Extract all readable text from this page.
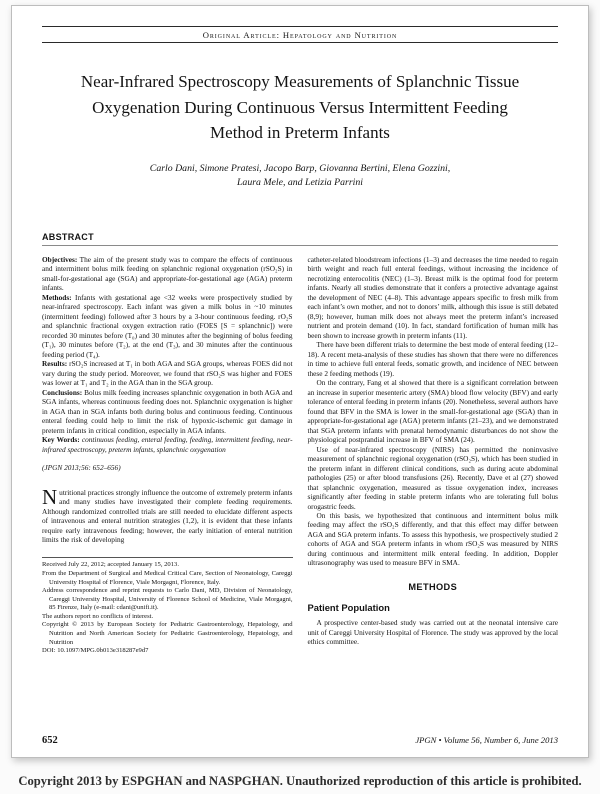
Original Article: Hepatology and Nutrition
Near-Infrared Spectroscopy Measurements of Splanchnic Tissue Oxygenation During Continuous Versus Intermittent Feeding Method in Preterm Infants
Carlo Dani, Simone Pratesi, Jacopo Barp, Giovanna Bertini, Elena Gozzini,
Laura Mele, and Letizia Parrini
ABSTRACT

Objectives: The aim of the present study was to compare the effects of continuous and intermittent bolus milk feeding on splanchnic regional oxygenation (rSO₂S) in small-for-gestational age (SGA) and appropriate-for-gestational age (AGA) preterm infants.

Methods: Infants with gestational age <32 weeks were prospectively studied by near-infrared spectroscopy. Each infant was given a milk bolus in ~10 minutes (intermittent feeding) followed after 3 hours by a 3-hour continuous feeding. rO₂S and splanchnic fractional oxygen extraction ratio (FOES [S = splanchnic]) were recorded 30 minutes before (T₀) and 30 minutes after the beginning of bolus feeding (T₁), 30 minutes before (T₂), at the end (T₃), and 30 minutes after the continuous feeding period (T₄).

Results: rSO₂S increased at T₁ in both AGA and SGA groups, whereas FOES did not vary during the study period. Moreover, we found that rSO₂S was higher and FOES was lower at T₁ and T₂ in the AGA than in the SGA group.

Conclusions: Bolus milk feeding increases splanchnic oxygenation in both AGA and SGA infants, whereas continuous feeding does not. Splanchnic oxygenation is higher in AGA than in SGA infants both during bolus and continuous feeding. Continuous enteral feeding could help to limit the risk of hypoxic-ischemic gut damage in preterm infants in critical condition, especially in AGA infants.

Key Words: continuous feeding, enteral feeding, feeding, intermittent feeding, near-infrared spectroscopy, preterm infants, splanchnic oxygenation

(JPGN 2013;56: 652–656)

Nutritional practices strongly influence the outcome of extremely preterm infants and many studies have investigated their complete feeding requirements. Although randomized controlled trials are still needed to elucidate different aspects of intravenous and enteral nutrition strategies (1,2), it is evident that these infants require early intravenous feeding; however, the early initiation of enteral nutrition limits the risk of developing

Received July 22, 2012; accepted January 15, 2013.

From the Department of Surgical and Medical Critical Care, Section of Neonatology, Careggi University Hospital of Florence, Viale Morgagni, Florence, Italy.

Address correspondence and reprint requests to Carlo Dani, MD, Division of Neonatology, Careggi University Hospital, University of Florence School of Medicine, Viale Morgagni, 85 Firenze, Italy (e-mail: cdani@unifi.it).

The authors report no conflicts of interest.

Copyright © 2013 by European Society for Pediatric Gastroenterology, Hepatology, and Nutrition and North American Society for Pediatric Gastroenterology, Hepatology, and Nutrition

DOI: 10.1097/MPG.0b013e318287e9d7

catheter-related bloodstream infections (1–3) and decreases the time needed to regain birth weight and reach full enteral feedings, without increasing the incidence of necrotizing enterocolitis (NEC) (1–3). Breast milk is the optimal food for preterm infants. Nearly all studies demonstrate that it confers a protective advantage against the development of NEC (4–8). This advantage appears specific to fresh milk from each infant’s own mother, and not to donors’ milk, although this issue is still debated (8,9); however, human milk does not always meet the preterm infant’s increased nutrient and protein demand (10). In fact, standard fortification of human milk has been shown to increase growth in preterm infants (11).

There have been different trials to determine the best mode of enteral feeding (12–18). A recent meta-analysis of these studies has shown that there were no differences in time to achieve full enteral feeds, somatic growth, and incidence of NEC between these 2 feeding methods (19).

On the contrary, Fang et al showed that there is a significant correlation between an increase in superior mesenteric artery (SMA) blood flow velocity (BFV) and early tolerance of enteral feeding in preterm infants (20). Nonetheless, several authors have found that BFV in the SMA is lower in the small-for-gestational age (SGA) than in appropriate-for-gestational age (AGA) preterm infants (21–23), and we demonstrated that SGA preterm infants with prenatal hemodynamic disturbances do not show the physiological postprandial increase in BFV of SMA (24).

Use of near-infrared spectroscopy (NIRS) has permitted the noninvasive measurement of splanchnic regional oxygenation (rSO₂S), which has been studied in the preterm infant in different clinical conditions, such as during acute abdominal pathologies (25) or after blood transfusions (26). Recently, Dave et al (27) showed that splanchnic oxygenation, measured as tissue oxygenation index, increases significantly after feeding in stable preterm infants who are tolerating full bolus orogastric feeds.

On this basis, we hypothesized that continuous and intermittent bolus milk feeding may affect the rSO₂S differently, and that this effect may differ between AGA and SGA preterm infants. To assess this hypothesis, we prospectively studied 2 cohorts of AGA and SGA preterm infants in whom rSO₂S was measured by NIRS during continuous and intermittent milk enteral feeding. In addition, Doppler ultrasonography was used to measure BFV in SMA.

METHODS
Patient Population

A prospective center-based study was carried out at the neonatal intensive care unit of Careggi University Hospital of Florence. The study was approved by the local ethics committee.

652	JPGN • Volume 56, Number 6, June 2013
Copyright 2013 by ESPGHAN and NASPGHAN. Unauthorized reproduction of this article is prohibited.
